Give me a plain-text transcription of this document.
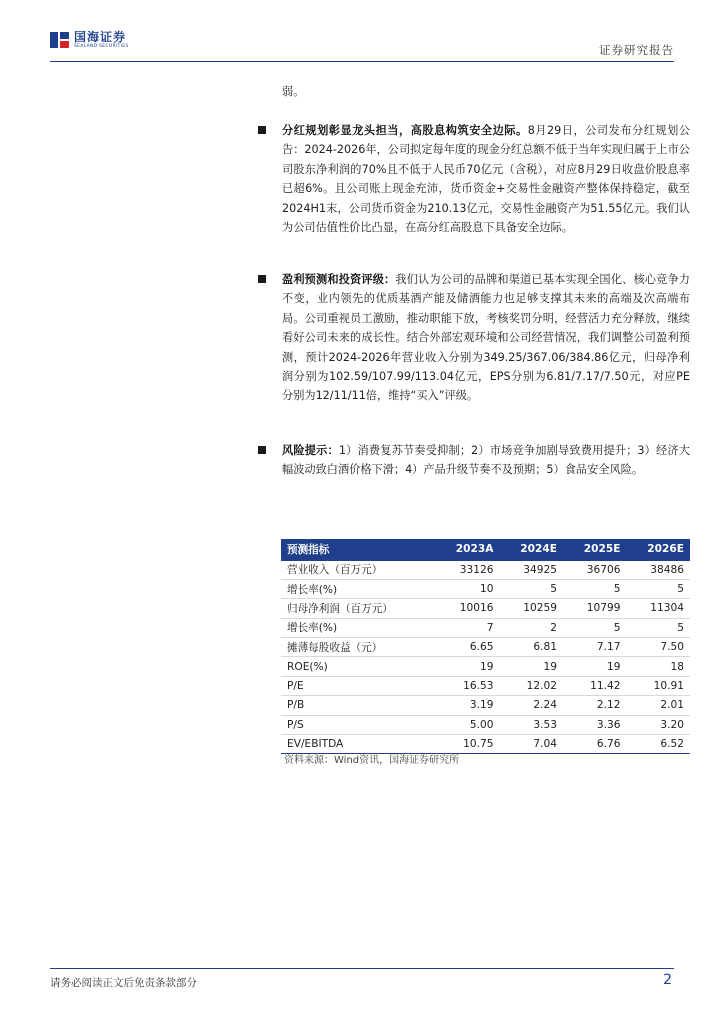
国海证券
SEALAND SECURITIES	证券研究报告
弱。

分红规划彰显龙头担当，高股息构筑安全边际。8月29日，公司发布分红规划公告：2024-2026年，公司拟定每年度的现金分红总额不低于当年实现归属于上市公司股东净利润的70%且不低于人民币70亿元（含税），对应8月29日收盘价股息率已超6%。且公司账上现金充沛，货币资金+交易性金融资产整体保持稳定，截至2024H1末，公司货币资金为210.13亿元，交易性金融资产为51.55亿元。我们认为公司估值性价比凸显，在高分红高股息下具备安全边际。

盈利预测和投资评级：我们认为公司的品牌和渠道已基本实现全国化、核心竞争力不变，业内领先的优质基酒产能及储酒能力也足够支撑其未来的高端及次高端布局。公司重视员工激励，推动职能下放，考核奖罚分明，经营活力充分释放，继续看好公司未来的成长性。结合外部宏观环境和公司经营情况，我们调整公司盈利预测，预计2024-2026年营业收入分别为349.25/367.06/384.86亿元，归母净利润分别为102.59/107.99/113.04亿元，EPS分别为6.81/7.17/7.50元，对应PE分别为12/11/11倍，维持“买入”评级。

风险提示：1）消费复苏节奏受抑制；2）市场竞争加剧导致费用提升；3）经济大幅波动致白酒价格下滑；4）产品升级节奏不及预期；5）食品安全风险。

预测指标	2023A	2024E	2025E	2026E
营业收入（百万元）	33126	34925	36706	38486
增长率(%)	10	5	5	5
归母净利润（百万元）	10016	10259	10799	11304
增长率(%)	7	2	5	5
摊薄每股收益（元）	6.65	6.81	7.17	7.50
ROE(%)	19	19	19	18
P/E	16.53	12.02	11.42	10.91
P/B	3.19	2.24	2.12	2.01
P/S	5.00	3.53	3.36	3.20
EV/EBITDA	10.75	7.04	6.76	6.52
资料来源：Wind资讯，国海证券研究所
请务必阅读正文后免责条款部分	2
